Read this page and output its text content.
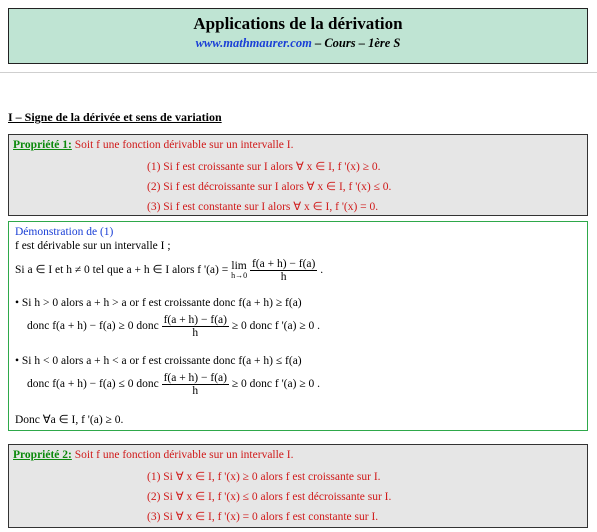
Applications de la dérivation
www.mathmaurer.com – Cours – 1ère S
I – Signe de la dérivée et sens de variation
Propriété 1: Soit f une fonction dérivable sur un intervalle I.
(1) Si f est croissante sur I alors ∀ x ∈ I, f '(x) ≥ 0.
(2) Si f est décroissante sur I alors ∀ x ∈ I, f '(x) ≤ 0.
(3) Si f est constante sur I alors ∀ x ∈ I, f '(x) = 0.
Démonstration de (1)
f est dérivable sur un intervalle I ;
Si a ∈ I et h ≠ 0 tel que a + h ∈ I alors f '(a) = lim
h→0
$\frac{f(a + h) - f(a)}{h}$ .
• Si h > 0 alors a + h > a or f est croissante donc f(a + h) ≥ f(a)
donc f(a + h) − f(a) ≥ 0 donc $\frac{f(a + h) - f(a)}{h} \ge 0$ donc f '(a) ≥ 0 .
• Si h < 0 alors a + h < a or f est croissante donc f(a + h) ≤ f(a)
donc f(a + h) − f(a) ≤ 0 donc $\frac{f(a + h) - f(a)}{h} \ge 0$ donc f '(a) ≥ 0 .
Donc ∀a ∈ I, f '(a) ≥ 0.
Propriété 2: Soit f une fonction dérivable sur un intervalle I.
(1) Si ∀ x ∈ I, f '(x) ≥ 0 alors f est croissante sur I.
(2) Si ∀ x ∈ I, f '(x) ≤ 0 alors f est décroissante sur I.
(3) Si ∀ x ∈ I, f '(x) = 0 alors f est constante sur I.
